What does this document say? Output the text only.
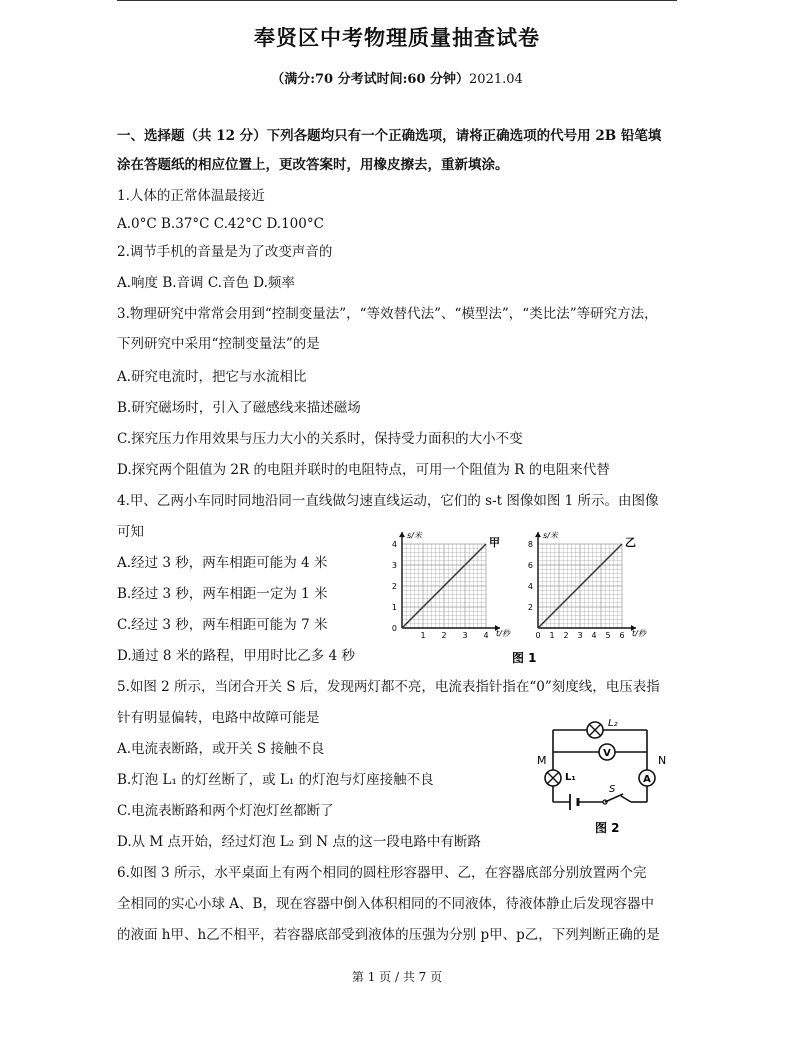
奉贤区中考物理质量抽查试卷
（满分:70 分考试时间:60 分钟）2021.04
一、选择题（共 12 分）下列各题均只有一个正确选项，请将正确选项的代号用 2B 铅笔填
涂在答题纸的相应位置上，更改答案时，用橡皮擦去，重新填涂。
1.人体的正常体温最接近
A.0°C B.37°C C.42°C D.100°C
2.调节手机的音量是为了改变声音的
A.响度 B.音调 C.音色 D.频率
3.物理研究中常常会用到“控制变量法”，“等效替代法”、“模型法”，“类比法”等研究方法，
下列研究中采用“控制变量法”的是
A.研究电流时，把它与水流相比
B.研究磁场时，引入了磁感线来描述磁场
C.探究压力作用效果与压力大小的关系时，保持受力面积的大小不变
D.探究两个阻值为 2R 的电阻并联时的电阻特点，可用一个阻值为 R 的电阻来代替
4.甲、乙两小车同时同地沿同一直线做匀速直线运动，它们的 s-t 图像如图 1 所示。由图像
可知
A.经过 3 秒，两车相距可能为 4 米
B.经过 3 秒，两车相距一定为 1 米
C.经过 3 秒，两车相距可能为 7 米
D.通过 8 米的路程，甲用时比乙多 4 秒
s/米
t/秒
0
1
2
3
4
1 2 3 4
甲
s/米
t/秒
2
4
6
8
0 1 2 3 4 5 6
乙
图 1
5.如图 2 所示，当闭合开关 S 后，发现两灯都不亮，电流表指针指在“0”刻度线，电压表指
针有明显偏转，电路中故障可能是
A.电流表断路，或开关 S 接触不良
B.灯泡 L₁ 的灯丝断了，或 L₁ 的灯泡与灯座接触不良
C.电流表断路和两个灯泡灯丝都断了
D.从 M 点开始，经过灯泡 L₂ 到 N 点的这一段电路中有断路
V
A
L₂
M	N
L₁
S
图 2
6.如图 3 所示，水平桌面上有两个相同的圆柱形容器甲、乙，在容器底部分别放置两个完
全相同的实心小球 A、B，现在容器中倒入体积相同的不同液体，待液体静止后发现容器中
的液面 h甲、h乙不相平，若容器底部受到液体的压强为分别 p甲、p乙，下列判断正确的是
第 1 页 / 共 7 页
